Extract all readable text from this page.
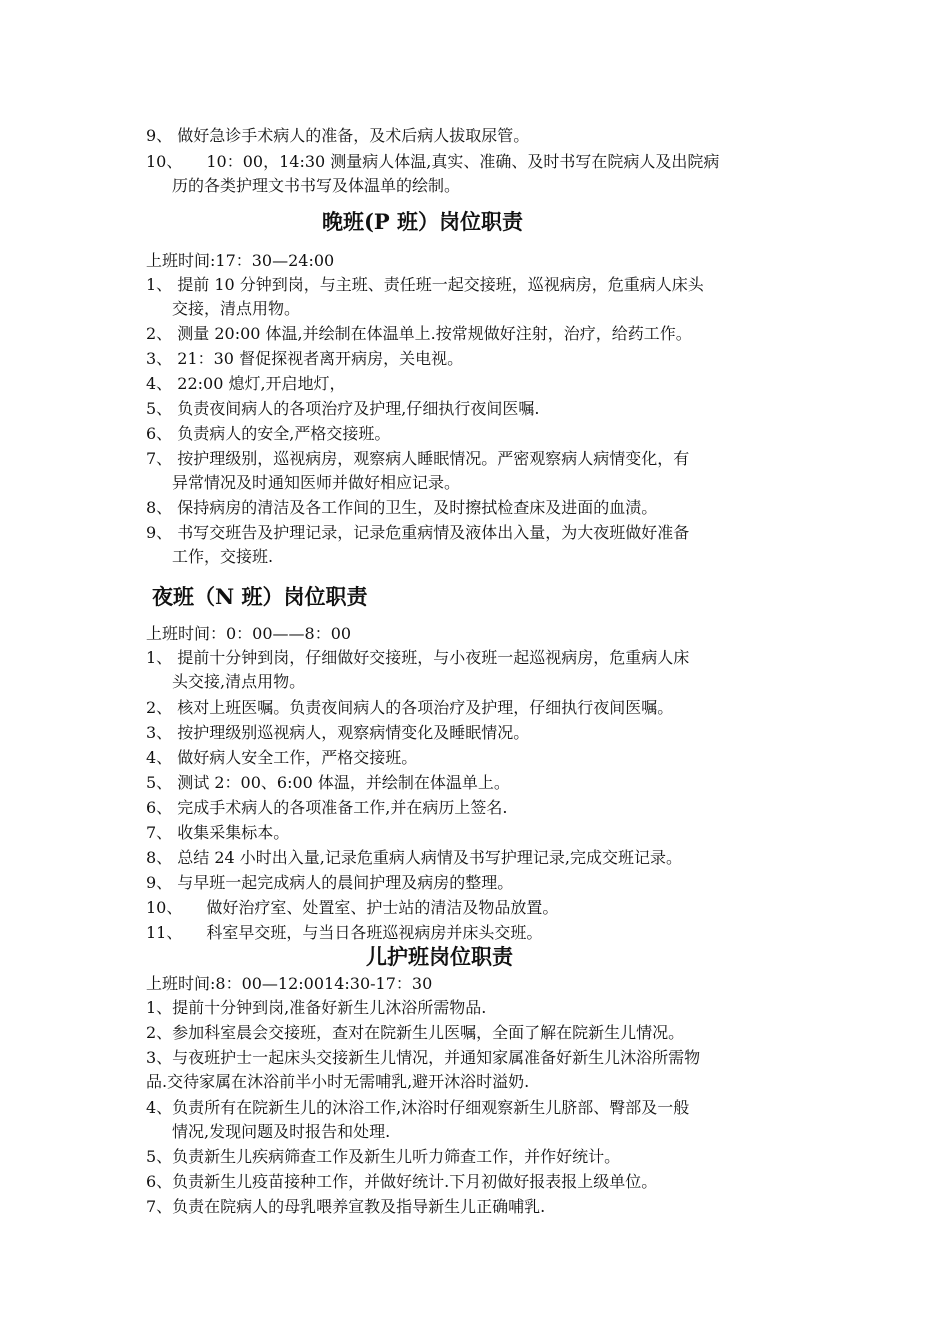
9、 做好急诊手术病人的准备，及术后病人拔取尿管。
10、　　10：00，14:30 测量病人体温,真实、准确、及时书写在院病人及出院病
历的各类护理文书书写及体温单的绘制。
晚班(P 班）岗位职责
上班时间:17：30—24:00
1、 提前 10 分钟到岗，与主班、责任班一起交接班，巡视病房，危重病人床头
交接，清点用物。
2、 测量 20:00 体温,并绘制在体温单上.按常规做好注射，治疗，给药工作。
3、 21：30 督促探视者离开病房，关电视。
4、 22:00 熄灯,开启地灯，
5、 负责夜间病人的各项治疗及护理,仔细执行夜间医嘱.
6、 负责病人的安全,严格交接班。
7、 按护理级别，巡视病房，观察病人睡眠情况。严密观察病人病情变化，有
异常情况及时通知医师并做好相应记录。
8、 保持病房的清洁及各工作间的卫生，及时擦拭检查床及进面的血渍。
9、 书写交班告及护理记录，记录危重病情及液体出入量，为大夜班做好准备
工作，交接班.
夜班（N 班）岗位职责
上班时间：0：00——8：00
1、 提前十分钟到岗，仔细做好交接班，与小夜班一起巡视病房，危重病人床
头交接,清点用物。
2、 核对上班医嘱。负责夜间病人的各项治疗及护理，仔细执行夜间医嘱。
3、 按护理级别巡视病人，观察病情变化及睡眠情况。
4、 做好病人安全工作，严格交接班。
5、 测试 2：00、6:00 体温，并绘制在体温单上。
6、 完成手术病人的各项准备工作,并在病历上签名.
7、 收集采集标本。
8、 总结 24 小时出入量,记录危重病人病情及书写护理记录,完成交班记录。
9、 与早班一起完成病人的晨间护理及病房的整理。
10、　　做好治疗室、处置室、护士站的清洁及物品放置。
11、　　科室早交班，与当日各班巡视病房并床头交班。
儿护班岗位职责
上班时间:8：00—12:0014:30-17：30
1、提前十分钟到岗,准备好新生儿沐浴所需物品.
2、参加科室晨会交接班，查对在院新生儿医嘱，全面了解在院新生儿情况。
3、与夜班护士一起床头交接新生儿情况，并通知家属准备好新生儿沐浴所需物
品.交待家属在沐浴前半小时无需哺乳,避开沐浴时溢奶.
4、负责所有在院新生儿的沐浴工作,沐浴时仔细观察新生儿脐部、臀部及一般
情况,发现问题及时报告和处理.
5、负责新生儿疾病筛查工作及新生儿听力筛查工作，并作好统计。
6、负责新生儿疫苗接种工作，并做好统计.下月初做好报表报上级单位。
7、负责在院病人的母乳喂养宣教及指导新生儿正确哺乳.
